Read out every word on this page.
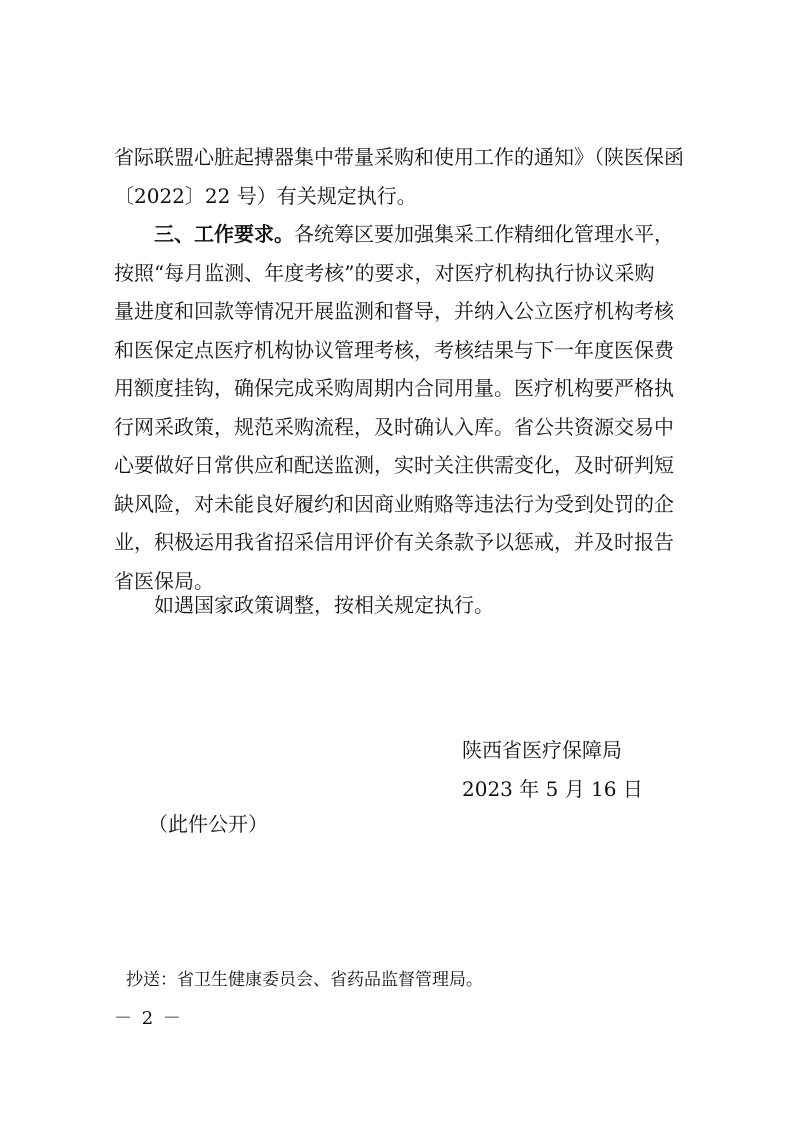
省际联盟心脏起搏器集中带量采购和使用工作的通知》（陕医保函
〔2022〕22 号）有关规定执行。
三、工作要求。各统筹区要加强集采工作精细化管理水平，
按照“每月监测、年度考核”的要求，对医疗机构执行协议采购
量进度和回款等情况开展监测和督导，并纳入公立医疗机构考核
和医保定点医疗机构协议管理考核，考核结果与下一年度医保费
用额度挂钩，确保完成采购周期内合同用量。医疗机构要严格执
行网采政策，规范采购流程，及时确认入库。省公共资源交易中
心要做好日常供应和配送监测，实时关注供需变化，及时研判短
缺风险，对未能良好履约和因商业贿赂等违法行为受到处罚的企
业，积极运用我省招采信用评价有关条款予以惩戒，并及时报告
省医保局。
如遇国家政策调整，按相关规定执行。
陕西省医疗保障局
2023 年 5 月 16 日
（此件公开）
抄送：省卫生健康委员会、省药品监督管理局。
－ 2 －
